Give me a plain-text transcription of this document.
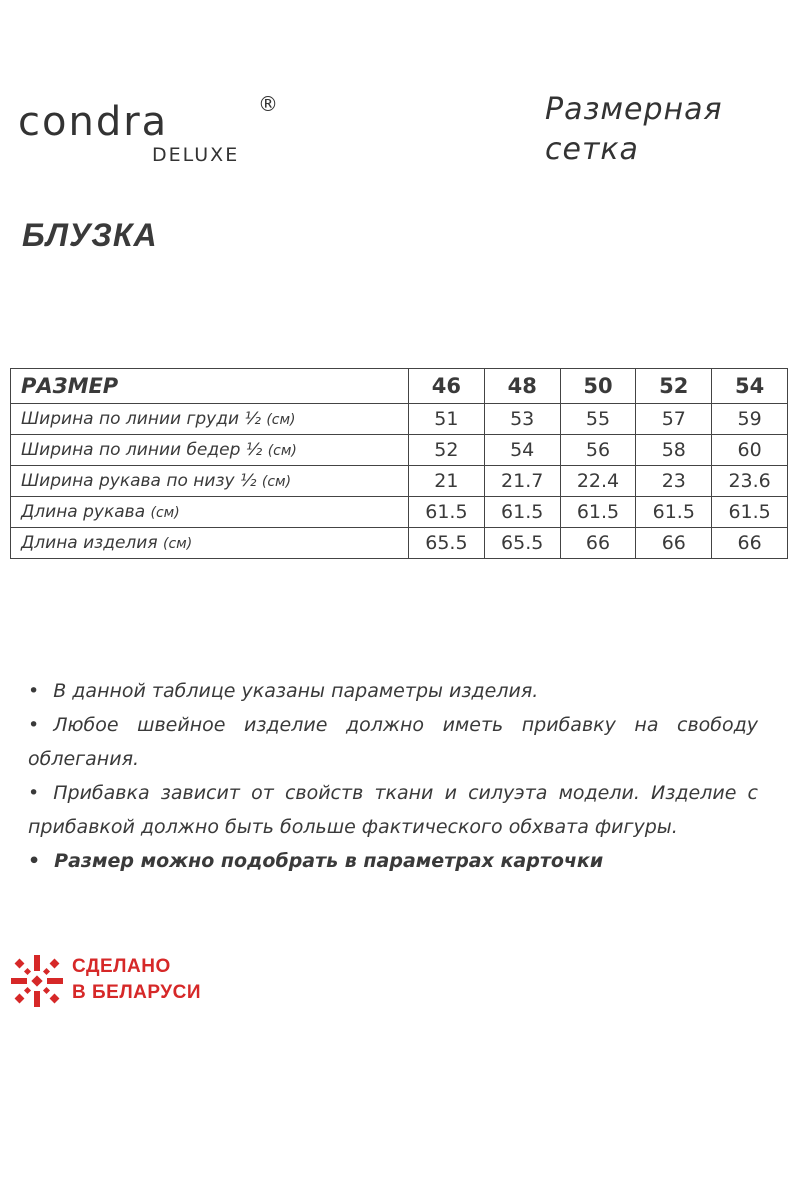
condra	®
DELUXE
Размерная сетка
БЛУЗКА
РАЗМЕР	46	48	50	52	54
Ширина по линии груди ½ (см)	51	53	55	57	59
Ширина по линии бедер ½ (см)	52	54	56	58	60
Ширина рукава по низу ½ (см)	21	21.7	22.4	23	23.6
Длина рукава (см)	61.5	61.5	61.5	61.5	61.5
Длина изделия (см)	65.5	65.5	66	66	66

• В данной таблице указаны параметры изделия.

• Любое швейное изделие должно иметь прибавку на свободу облегания.

• Прибавка зависит от свойств ткани и силуэта модели. Изделие с прибавкой должно быть больше фактического обхвата фигуры.

• Размер можно подобрать в параметрах карточки

СДЕЛАНО
В БЕЛАРУСИ
